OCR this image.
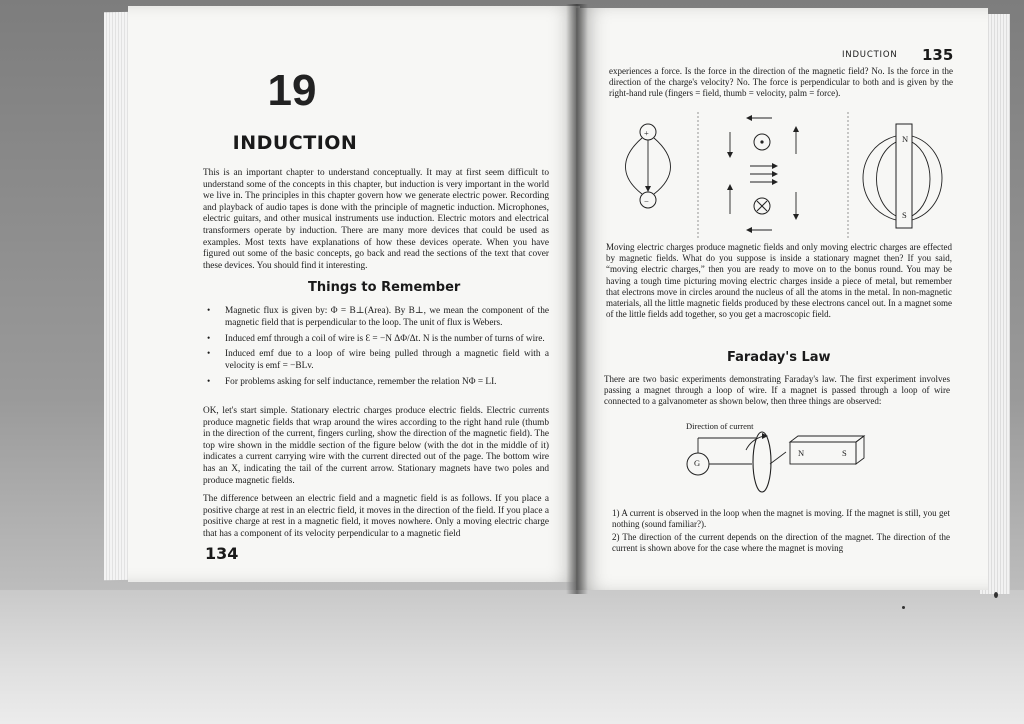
19
INDUCTION

This is an important chapter to understand conceptually. It may at first seem difficult to understand some of the concepts in this chapter, but induction is very important in the world we live in. The principles in this chapter govern how we generate electric power. Recording and playback of audio tapes is done with the principle of magnetic induction. Microphones, electric guitars, and other musical instruments use induction. Electric motors and electrical transformers operate by induction. There are many more devices that could be used as examples. Most texts have explanations of how these devices operate. When you have figured out some of the basic concepts, go back and read the sections of the text that cover these devices. You should find it interesting.

Things to Remember
• Magnetic flux is given by: Φ = B⊥(Area). By B⊥, we mean the component of the magnetic field that is perpendicular to the loop. The unit of flux is Webers.
• Induced emf through a coil of wire is Ɛ = −N ΔΦ/Δt. N is the number of turns of wire.
• Induced emf due to a loop of wire being pulled through a magnetic field with a velocity is emf = −BLv.
• For problems asking for self inductance, remember the relation NΦ = LI.

OK, let's start simple. Stationary electric charges produce electric fields. Electric currents produce magnetic fields that wrap around the wires according to the right hand rule (thumb in the direction of the current, fingers curling, show the direction of the magnetic field). The top wire shown in the middle section of the figure below (with the dot in the middle of it) indicates a current carrying wire with the current directed out of the page. The bottom wire has an X, indicating the tail of the current arrow. Stationary magnets have two poles and produce magnetic fields.

The difference between an electric field and a magnetic field is as follows. If you place a positive charge at rest in an electric field, it moves in the direction of the field. If you place a positive charge at rest in a magnetic field, it moves nowhere. Only a moving electric charge that has a component of its velocity perpendicular to a magnetic field

134
INDUCTION 135

experiences a force. Is the force in the direction of the magnetic field? No. Is the force in the direction of the charge's velocity? No. The force is perpendicular to both and is given by the right-hand rule (fingers = field, thumb = velocity, palm = force).

+
−
N
S

Moving electric charges produce magnetic fields and only moving electric charges are effected by magnetic fields. What do you suppose is inside a stationary magnet then? If you said, “moving electric charges,” then you are ready to move on to the bonus round. You may be having a tough time picturing moving electric charges inside a piece of metal, but remember that electrons move in circles around the nucleus of all the atoms in the metal. In non-magnetic materials, all the little magnetic fields produced by these electrons cancel out. In a magnet some of the little fields add together, so you get a macroscopic field.

Faraday's Law

There are two basic experiments demonstrating Faraday's law. The first experiment involves passing a magnet through a loop of wire. If a magnet is passed through a loop of wire connected to a galvanometer as shown below, then three things are observed:

Direction of current
G
N	S

1) A current is observed in the loop when the magnet is moving. If the magnet is still, you get nothing (sound familiar?).

2) The direction of the current depends on the direction of the magnet. The direction of the current is shown above for the case where the magnet is moving
